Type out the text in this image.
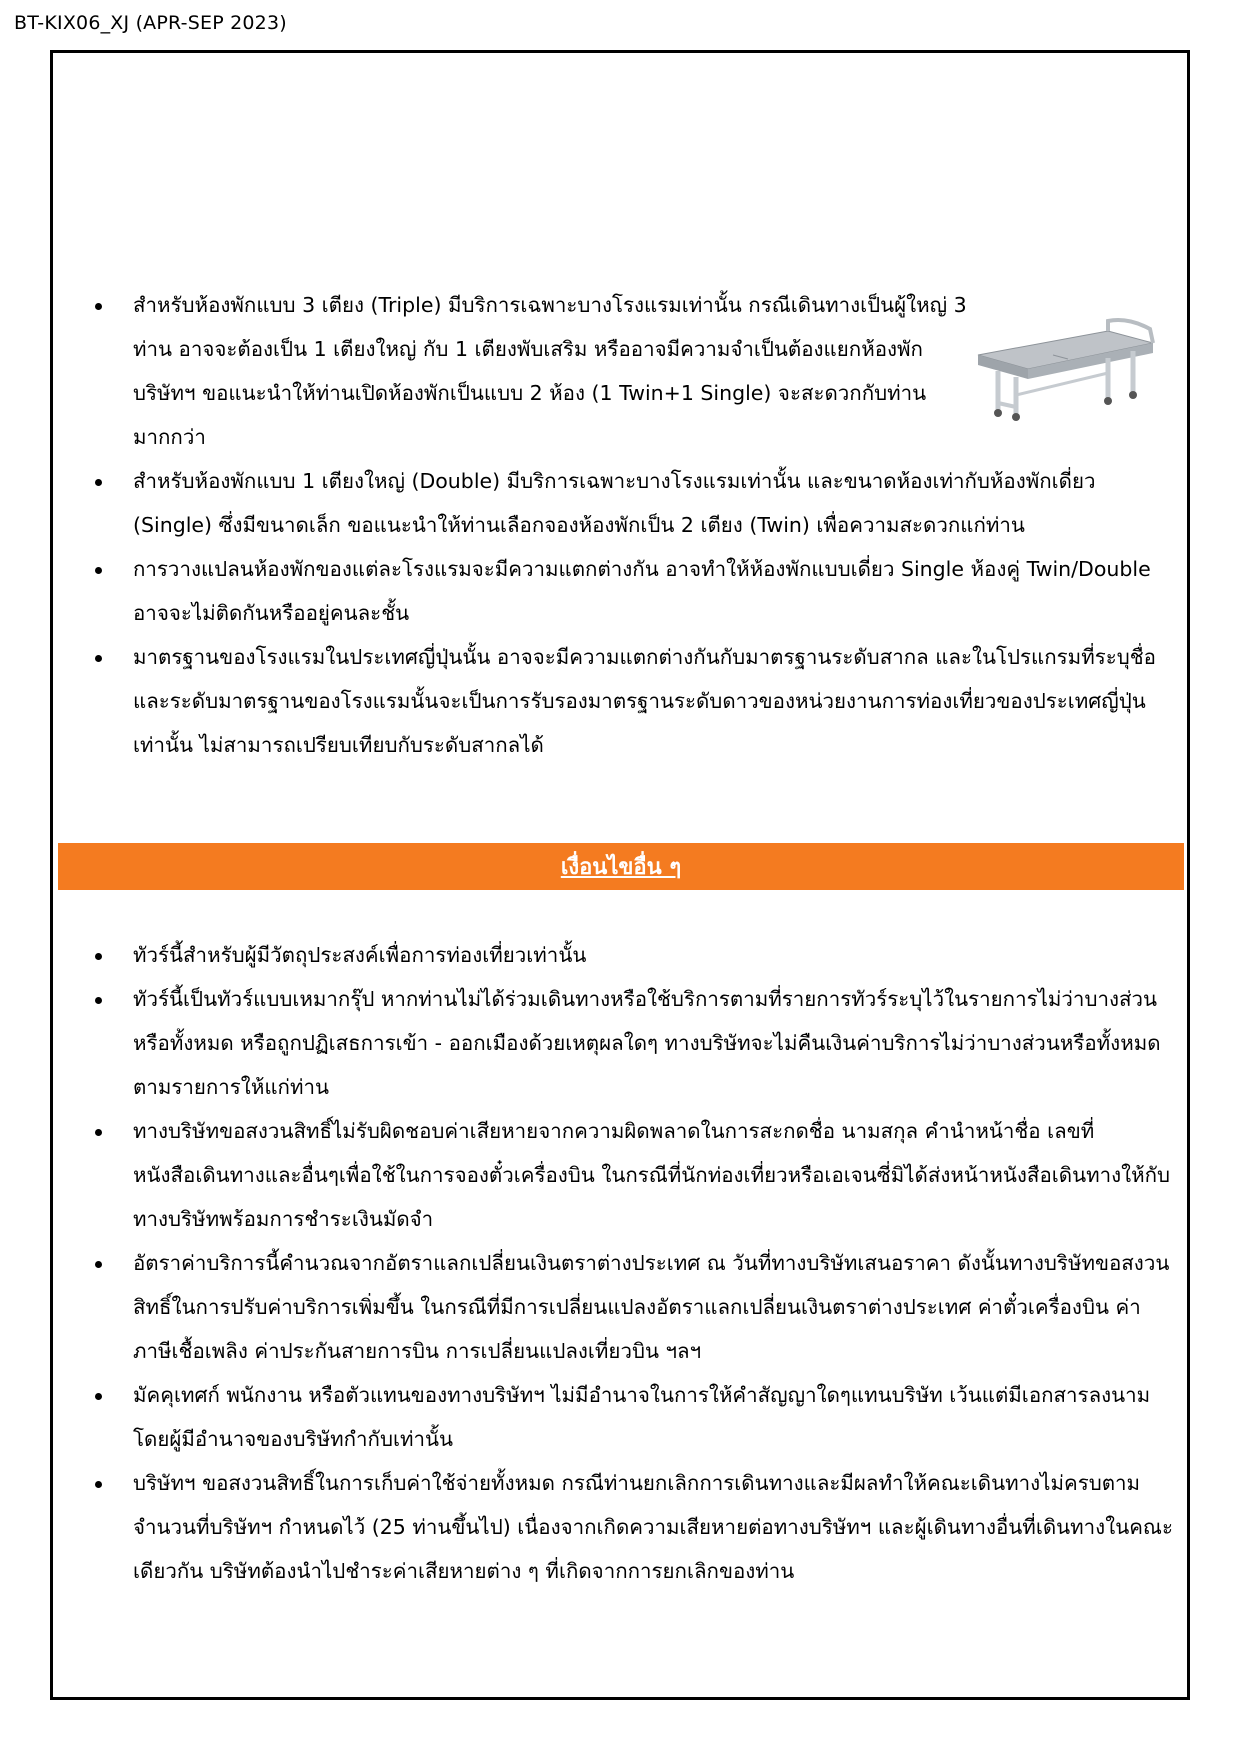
BT-KIX06_XJ (APR-SEP 2023)
สำหรับห้องพักแบบ 3 เตียง (Triple) มีบริการเฉพาะบางโรงแรมเท่านั้น กรณีเดินทางเป็นผู้ใหญ่ 3 ท่าน อาจจะต้องเป็น 1 เตียงใหญ่ กับ 1 เตียงพับเสริม หรืออาจมีความจำเป็นต้องแยกห้องพัก บริษัทฯ ขอแนะนำให้ท่านเปิดห้องพักเป็นแบบ 2 ห้อง (1 Twin+1 Single) จะสะดวกกับท่านมากกว่า
สำหรับห้องพักแบบ 1 เตียงใหญ่ (Double) มีบริการเฉพาะบางโรงแรมเท่านั้น และขนาดห้องเท่ากับห้องพักเดี่ยว (Single) ซึ่งมีขนาดเล็ก ขอแนะนำให้ท่านเลือกจองห้องพักเป็น 2 เตียง (Twin) เพื่อความสะดวกแก่ท่าน
การวางแปลนห้องพักของแต่ละโรงแรมจะมีความแตกต่างกัน อาจทำให้ห้องพักแบบเดี่ยว Single ห้องคู่ Twin/Double อาจจะไม่ติดกันหรืออยู่คนละชั้น
มาตรฐานของโรงแรมในประเทศญี่ปุ่นนั้น อาจจะมีความแตกต่างกันกับมาตรฐานระดับสากล และในโปรแกรมที่ระบุชื่อและระดับมาตรฐานของโรงแรมนั้นจะเป็นการรับรองมาตรฐานระดับดาวของหน่วยงานการท่องเที่ยวของประเทศญี่ปุ่นเท่านั้น ไม่สามารถเปรียบเทียบกับระดับสากลได้
เงื่อนไขอื่น ๆ
ทัวร์นี้สำหรับผู้มีวัตถุประสงค์เพื่อการท่องเที่ยวเท่านั้น
ทัวร์นี้เป็นทัวร์แบบเหมากรุ๊ป หากท่านไม่ได้ร่วมเดินทางหรือใช้บริการตามที่รายการทัวร์ระบุไว้ในรายการไม่ว่าบางส่วนหรือทั้งหมด หรือถูกปฏิเสธการเข้า - ออกเมืองด้วยเหตุผลใดๆ ทางบริษัทจะไม่คืนเงินค่าบริการไม่ว่าบางส่วนหรือทั้งหมดตามรายการให้แก่ท่าน
ทางบริษัทขอสงวนสิทธิ์ไม่รับผิดชอบค่าเสียหายจากความผิดพลาดในการสะกดชื่อ นามสกุล คำนำหน้าชื่อ เลขที่หนังสือเดินทางและอื่นๆเพื่อใช้ในการจองตั๋วเครื่องบิน ในกรณีที่นักท่องเที่ยวหรือเอเจนซี่มิได้ส่งหน้าหนังสือเดินทางให้กับทางบริษัทพร้อมการชำระเงินมัดจำ
อัตราค่าบริการนี้คำนวณจากอัตราแลกเปลี่ยนเงินตราต่างประเทศ ณ วันที่ทางบริษัทเสนอราคา ดังนั้นทางบริษัทขอสงวนสิทธิ์ในการปรับค่าบริการเพิ่มขึ้น ในกรณีที่มีการเปลี่ยนแปลงอัตราแลกเปลี่ยนเงินตราต่างประเทศ ค่าตั๋วเครื่องบิน ค่าภาษีเชื้อเพลิง ค่าประกันสายการบิน การเปลี่ยนแปลงเที่ยวบิน ฯลฯ
มัคคุเทศก์ พนักงาน หรือตัวแทนของทางบริษัทฯ ไม่มีอำนาจในการให้คำสัญญาใดๆแทนบริษัท เว้นแต่มีเอกสารลงนามโดยผู้มีอำนาจของบริษัทกำกับเท่านั้น
บริษัทฯ ขอสงวนสิทธิ์ในการเก็บค่าใช้จ่ายทั้งหมด กรณีท่านยกเลิกการเดินทางและมีผลทำให้คณะเดินทางไม่ครบตามจำนวนที่บริษัทฯ กำหนดไว้ (25 ท่านขึ้นไป) เนื่องจากเกิดความเสียหายต่อทางบริษัทฯ และผู้เดินทางอื่นที่เดินทางในคณะเดียวกัน บริษัทต้องนำไปชำระค่าเสียหายต่าง ๆ ที่เกิดจากการยกเลิกของท่าน
